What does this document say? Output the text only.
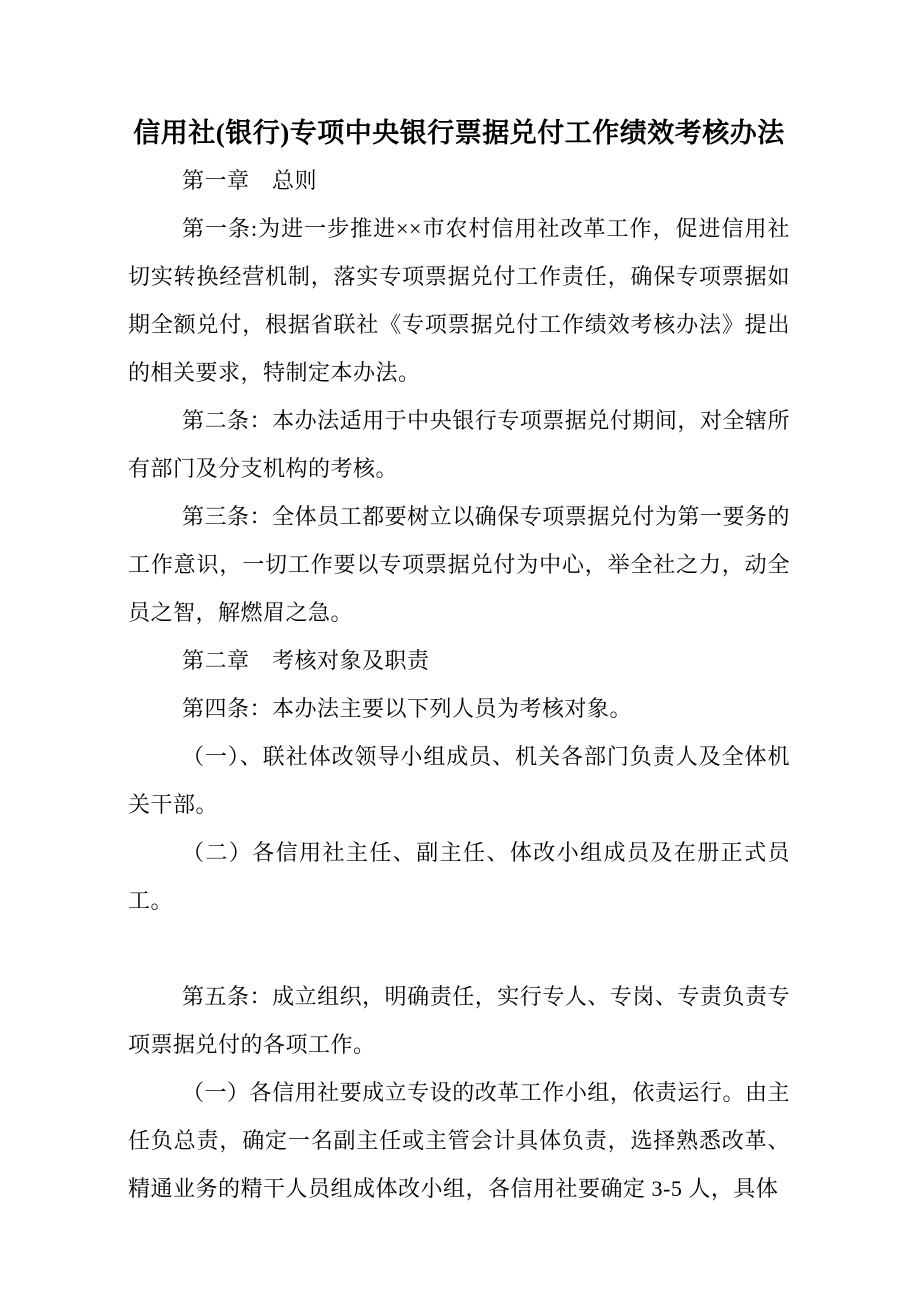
信用社(银行)专项中央银行票据兑付工作绩效考核办法

第一章　总则

第一条:为进一步推进××市农村信用社改革工作，促进信用社切实转换经营机制，落实专项票据兑付工作责任，确保专项票据如期全额兑付，根据省联社《专项票据兑付工作绩效考核办法》提出的相关要求，特制定本办法。

第二条：本办法适用于中央银行专项票据兑付期间，对全辖所有部门及分支机构的考核。

第三条：全体员工都要树立以确保专项票据兑付为第一要务的工作意识，一切工作要以专项票据兑付为中心，举全社之力，动全员之智，解燃眉之急。

第二章　考核对象及职责

第四条：本办法主要以下列人员为考核对象。

（一）、联社体改领导小组成员、机关各部门负责人及全体机关干部。

（二）各信用社主任、副主任、体改小组成员及在册正式员工。

第五条：成立组织，明确责任，实行专人、专岗、专责负责专项票据兑付的各项工作。

（一）各信用社要成立专设的改革工作小组，依责运行。由主任负总责，确定一名副主任或主管会计具体负责，选择熟悉改革、精通业务的精干人员组成体改小组，各信用社要确定 3-5 人，具体
